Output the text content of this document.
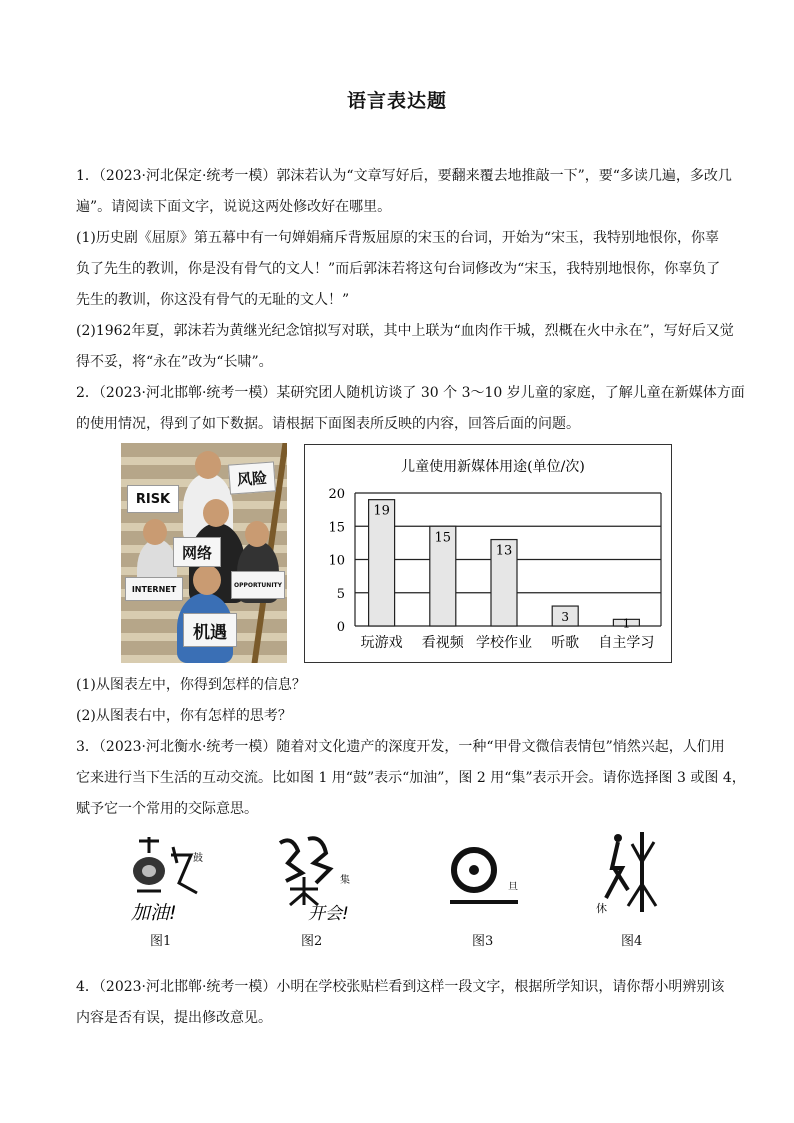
语言表达题
1．（2023·河北保定·统考一模）郭沫若认为“文章写好后，要翻来覆去地推敲一下”，要“多读几遍，多改几
遍”。请阅读下面文字，说说这两处修改好在哪里。
(1)历史剧《屈原》第五幕中有一句婵娟痛斥背叛屈原的宋玉的台词，开始为“宋玉，我特别地恨你，你辜
负了先生的教训，你是没有骨气的文人！”而后郭沫若将这句台词修改为“宋玉，我特别地恨你，你辜负了
先生的教训，你这没有骨气的无耻的文人！”
(2)1962年夏，郭沫若为黄继光纪念馆拟写对联，其中上联为“血肉作干城，烈概在火中永在”，写好后又觉
得不妥，将“永在”改为“长啸”。
2．（2023·河北邯郸·统考一模）某研究团人随机访谈了 30 个 3～10 岁儿童的家庭，了解儿童在新媒体方面
的使用情况，得到了如下数据。请根据下面图表所反映的内容，回答后面的问题。
风险
RISK
网络
INTERNET	OPPORTUNITY
机遇
儿童使用新媒体用途(单位/次)
19
15
13
3	1
0
5
10
15
20
玩游戏 看视频 学校作业 听歌 自主学习
(1)从图表左中，你得到怎样的信息？
(2)从图表右中，你有怎样的思考？
3．（2023·河北衡水·统考一模）随着对文化遗产的深度开发，一种“甲骨文微信表情包”悄然兴起，人们用
它来进行当下生活的互动交流。比如图 1 用“鼓”表示“加油”，图 2 用“集”表示开会。请你选择图 3 或图 4，
赋予它一个常用的交际意思。
鼓
加油!
集
开会!
旦
休
图1	图2	图3	图4
4．（2023·河北邯郸·统考一模）小明在学校张贴栏看到这样一段文字，根据所学知识，请你帮小明辨别该
内容是否有误，提出修改意见。
